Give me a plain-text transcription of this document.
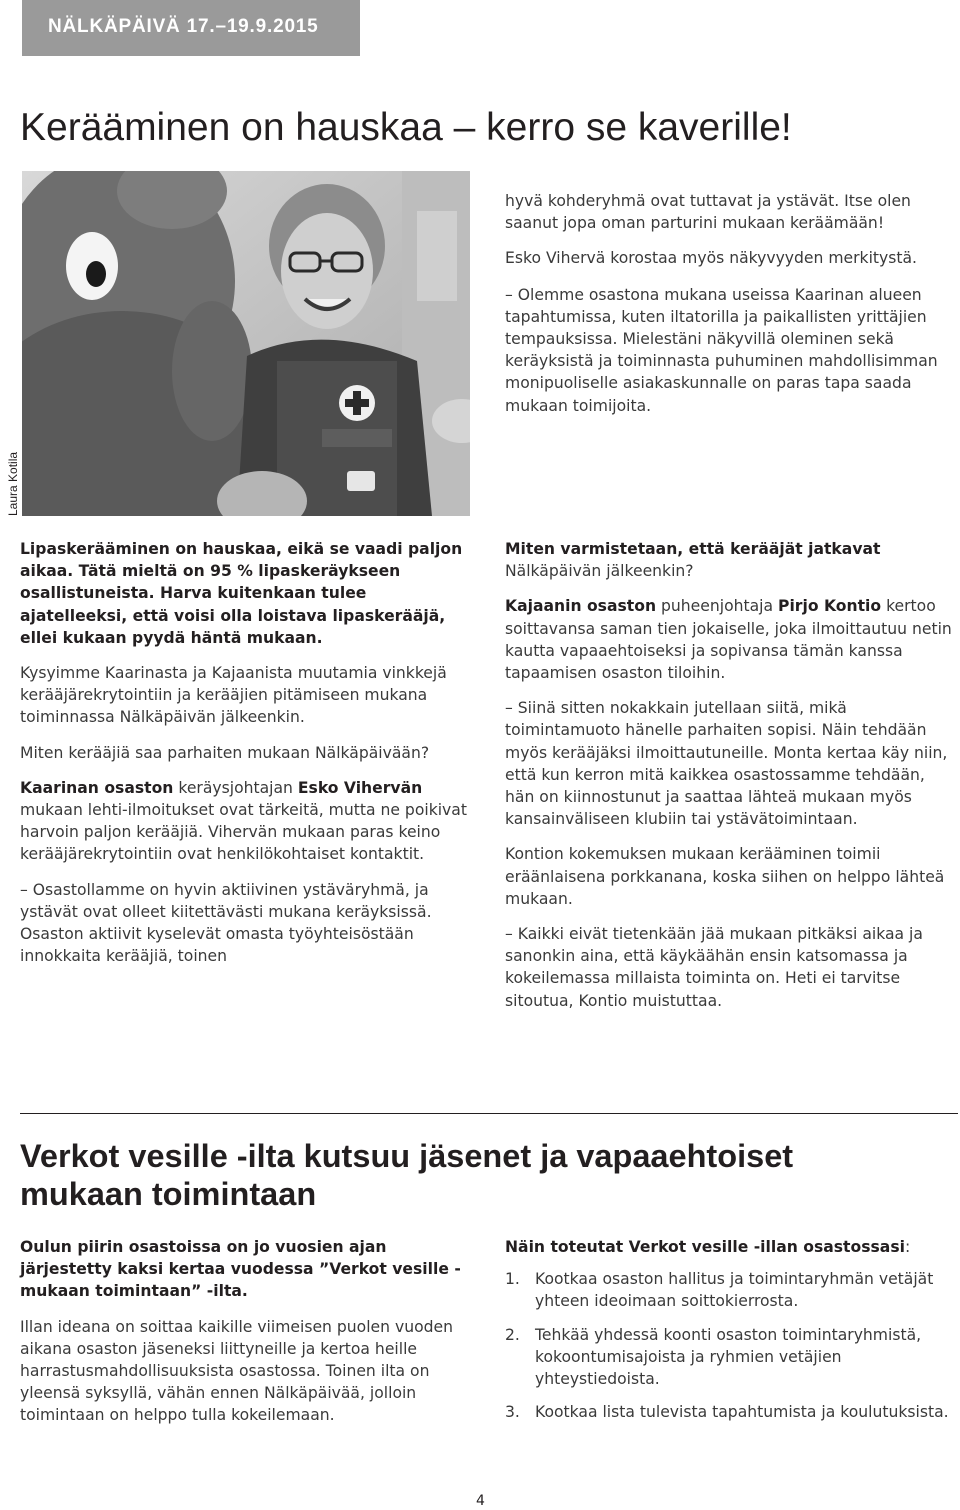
NÄLKÄPÄIVÄ 17.–19.9.2015
Kerääminen on hauskaa – kerro se kaverille!
Laura Kotila

hyvä kohderyhmä ovat tuttavat ja ystävät. Itse olen saanut jopa oman parturini mukaan keräämään!

Esko Vihervä korostaa myös näkyvyyden merkitystä.

– Olemme osastona mukana useissa Kaarinan alueen tapahtumissa, kuten iltatorilla ja paikallisten yrittäjien tempauksissa. Mielestäni näkyvillä oleminen sekä keräyksistä ja toiminnasta puhuminen mahdollisimman monipuoliselle asiakaskunnalle on paras tapa saada mukaan toimijoita.

Lipaskerääminen on hauskaa, eikä se vaadi paljon aikaa. Tätä mieltä on 95 % lipaskeräykseen osallistuneista. Harva kuitenkaan tulee ajatelleeksi, että voisi olla loistava lipaskerääjä, ellei kukaan pyydä häntä mukaan.

Kysyimme Kaarinasta ja Kajaanista muutamia vinkkejä kerääjärekrytointiin ja kerääjien pitämiseen mukana toiminnassa Nälkäpäivän jälkeenkin.

Miten kerääjiä saa parhaiten mukaan Nälkäpäivään?

Kaarinan osaston keräysjohtajan Esko Vihervän mukaan lehti-ilmoitukset ovat tärkeitä, mutta ne poikivat harvoin paljon kerääjiä. Vihervän mukaan paras keino kerääjärekrytointiin ovat henkilökohtaiset kontaktit.

– Osastollamme on hyvin aktiivinen ystäväryhmä, ja ystävät ovat olleet kiitettävästi mukana keräyksissä. Osaston aktiivit kyselevät omasta työyhteisöstään innokkaita kerääjiä, toinen

Miten varmistetaan, että kerääjät jatkavat
Nälkäpäivän jälkeenkin?

Kajaanin osaston puheenjohtaja Pirjo Kontio kertoo soittavansa saman tien jokaiselle, joka ilmoittautuu netin kautta vapaaehtoiseksi ja sopivansa tämän kanssa tapaamisen osaston tiloihin.

– Siinä sitten nokakkain jutellaan siitä, mikä toimintamuoto hänelle parhaiten sopisi. Näin tehdään myös kerääjäksi ilmoittautuneille. Monta kertaa käy niin, että kun kerron mitä kaikkea osastossamme tehdään, hän on kiinnostunut ja saattaa lähteä mukaan myös kansainväliseen klubiin tai ystävätoimintaan.

Kontion kokemuksen mukaan kerääminen toimii eräänlaisena porkkanana, koska siihen on helppo lähteä mukaan.

– Kaikki eivät tietenkään jää mukaan pitkäksi aikaa ja sanonkin aina, että käykäähän ensin katsomassa ja kokeilemassa millaista toiminta on. Heti ei tarvitse sitoutua, Kontio muistuttaa.

Verkot vesille -ilta kutsuu jäsenet ja vapaaehtoiset mukaan toimintaan

Oulun piirin osastoissa on jo vuosien ajan järjestetty kaksi kertaa vuodessa ”Verkot vesille - mukaan toimintaan” -ilta.

Illan ideana on soittaa kaikille viimeisen puolen vuoden aikana osaston jäseneksi liittyneille ja kertoa heille harrastusmahdollisuuksista osastossa. Toinen ilta on yleensä syksyllä, vähän ennen Nälkäpäivää, jolloin toimintaan on helppo tulla kokeilemaan.

Näin toteutat Verkot vesille -illan osastossasi:

1. Kootkaa osaston hallitus ja toimintaryhmän vetäjät yhteen ideoimaan soittokierrosta.
2. Tehkää yhdessä koonti osaston toimintaryhmistä, kokoontumisajoista ja ryhmien vetäjien yhteystiedoista.
3. Kootkaa lista tulevista tapahtumista ja koulutuksista.
4
